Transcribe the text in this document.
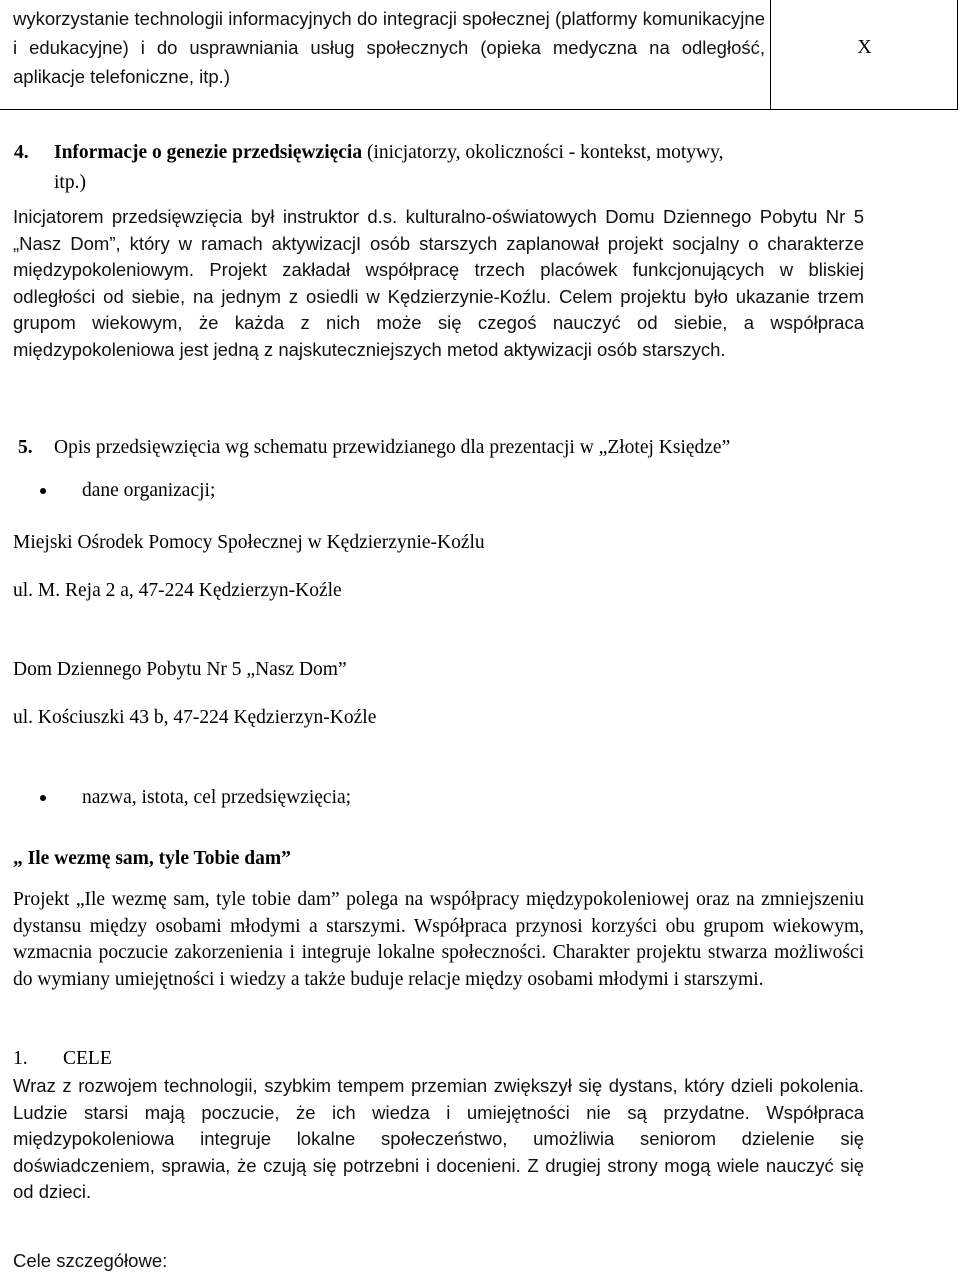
wykorzystanie technologii informacyjnych do integracji społecznej (platformy komunikacyjne i edukacyjne) i do usprawniania usług społecznych (opieka medyczna na odległość, aplikacje telefoniczne, itp.)

X
4. Informacje o genezie przedsięwzięcia (inicjatorzy, okoliczności - kontekst, motywy,
itp.)

Inicjatorem przedsięwzięcia był instruktor d.s. kulturalno-oświatowych Domu Dziennego Pobytu Nr 5 „Nasz Dom”, który w ramach aktywizacjI osób starszych zaplanował projekt socjalny o charakterze międzypokoleniowym. Projekt zakładał współpracę trzech placówek funkcjonujących w bliskiej odległości od siebie, na jednym z osiedli w Kędzierzynie-Koźlu. Celem projektu było ukazanie trzem grupom wiekowym, że każda z nich może się czegoś nauczyć od siebie, a współpraca międzypokoleniowa jest jedną z najskuteczniejszych metod aktywizacji osób starszych.

5. Opis przedsięwzięcia wg schematu przewidzianego dla prezentacji w „Złotej Księdze”
dane organizacji;
Miejski Ośrodek Pomocy Społecznej w Kędzierzynie-Koźlu
ul. M. Reja 2 a, 47-224 Kędzierzyn-Koźle
Dom Dziennego Pobytu Nr 5 „Nasz Dom”
ul. Kościuszki 43 b, 47-224 Kędzierzyn-Koźle
nazwa, istota, cel przedsięwzięcia;
„ Ile wezmę sam, tyle Tobie dam”

Projekt „Ile wezmę sam, tyle tobie dam” polega na współpracy międzypokoleniowej oraz na zmniejszeniu dystansu między osobami młodymi a starszymi. Współpraca przynosi korzyści obu grupom wiekowym, wzmacnia poczucie zakorzenienia i integruje lokalne społeczności. Charakter projektu stwarza możliwości do wymiany umiejętności i wiedzy a także buduje relacje między osobami młodymi i starszymi.

1. CELE

Wraz z rozwojem technologii, szybkim tempem przemian zwiększył się dystans, który dzieli pokolenia. Ludzie starsi mają poczucie, że ich wiedza i umiejętności nie są przydatne. Współpraca międzypokoleniowa integruje lokalne społeczeństwo, umożliwia seniorom dzielenie się doświadczeniem, sprawia, że czują się potrzebni i docenieni. Z drugiej strony mogą wiele nauczyć się od dzieci.

Cele szczegółowe:
